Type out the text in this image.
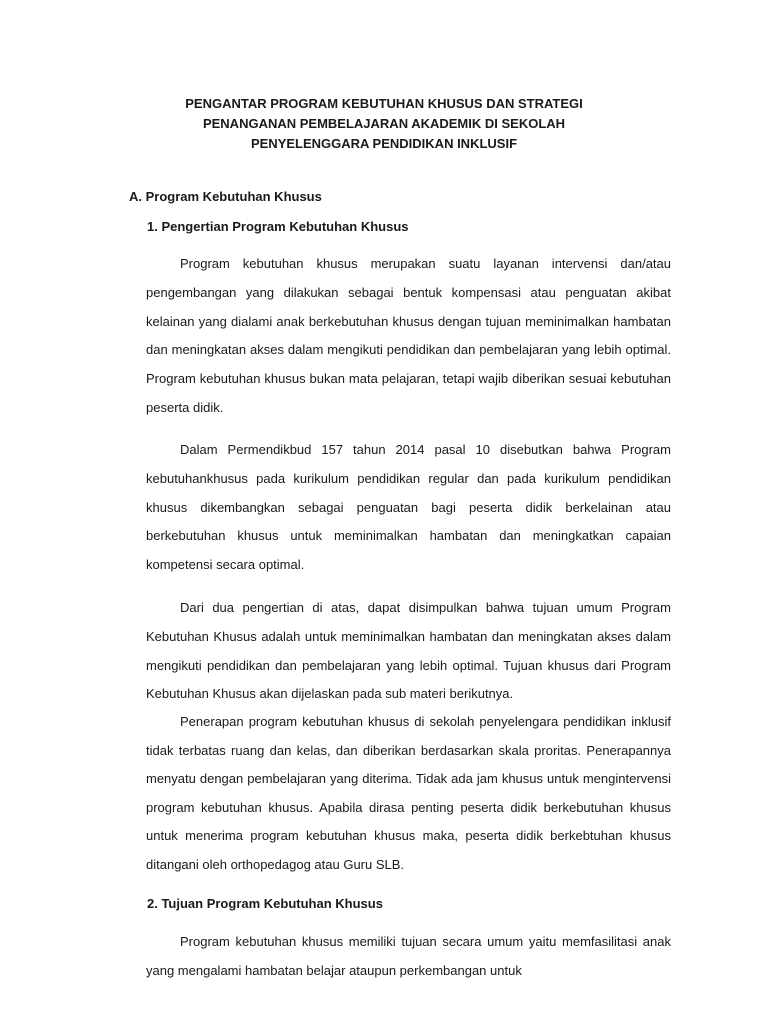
PENGANTAR PROGRAM KEBUTUHAN KHUSUS DAN STRATEGI
PENANGANAN PEMBELAJARAN AKADEMIK DI SEKOLAH
PENYELENGGARA PENDIDIKAN INKLUSIF
A. Program Kebutuhan Khusus
1. Pengertian Program Kebutuhan Khusus

Program kebutuhan khusus merupakan suatu layanan intervensi dan/atau pengembangan yang dilakukan sebagai bentuk kompensasi atau penguatan akibat kelainan yang dialami anak berkebutuhan khusus dengan tujuan meminimalkan hambatan dan meningkatan akses dalam mengikuti pendidikan dan pembelajaran yang lebih optimal. Program kebutuhan khusus bukan mata pelajaran, tetapi wajib diberikan sesuai kebutuhan peserta didik.

Dalam Permendikbud 157 tahun 2014 pasal 10 disebutkan bahwa Program kebutuhankhusus pada kurikulum pendidikan regular dan pada kurikulum pendidikan khusus dikembangkan sebagai penguatan bagi peserta didik berkelainan atau berkebutuhan khusus untuk meminimalkan hambatan dan meningkatkan capaian kompetensi secara optimal.

Dari dua pengertian di atas, dapat disimpulkan bahwa tujuan umum Program Kebutuhan Khusus adalah untuk meminimalkan hambatan dan meningkatan akses dalam mengikuti pendidikan dan pembelajaran yang lebih optimal. Tujuan khusus dari Program Kebutuhan Khusus akan dijelaskan pada sub materi berikutnya.

Penerapan program kebutuhan khusus di sekolah penyelengara pendidikan inklusif tidak terbatas ruang dan kelas, dan diberikan berdasarkan skala proritas. Penerapannya menyatu dengan pembelajaran yang diterima. Tidak ada jam khusus untuk mengintervensi program kebutuhan khusus. Apabila dirasa penting peserta didik berkebutuhan khusus untuk menerima program kebutuhan khusus maka, peserta didik berkebtuhan khusus ditangani oleh orthopedagog atau Guru SLB.

2. Tujuan Program Kebutuhan Khusus

Program kebutuhan khusus memiliki tujuan secara umum yaitu memfasilitasi anak yang mengalami hambatan belajar ataupun perkembangan untuk
